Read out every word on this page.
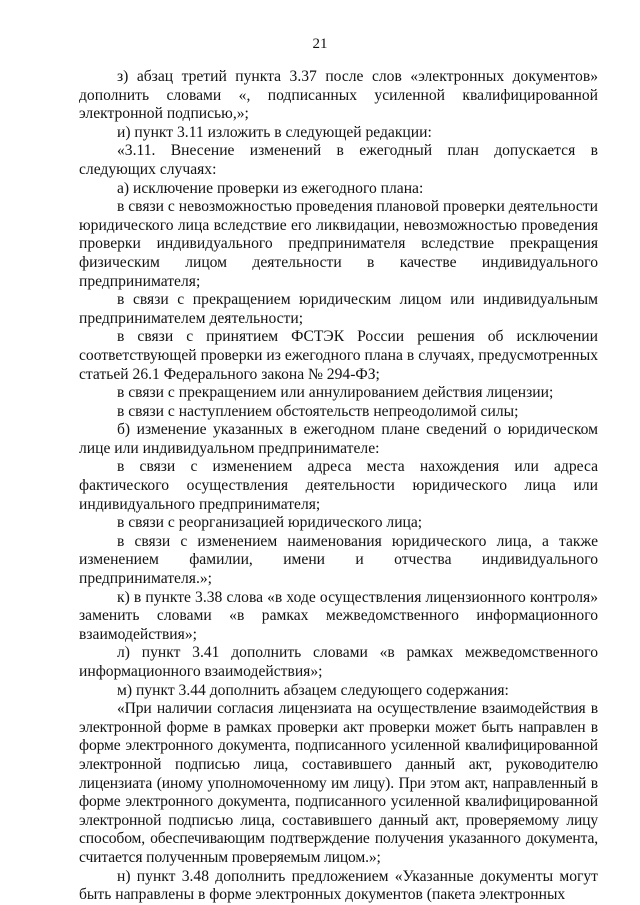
21

з) абзац третий пункта 3.37 после слов «электронных документов» дополнить словами «, подписанных усиленной квалифицированной электронной подписью,»;

и) пункт 3.11 изложить в следующей редакции:

«3.11. Внесение изменений в ежегодный план допускается в следующих случаях:

а) исключение проверки из ежегодного плана:

в связи с невозможностью проведения плановой проверки деятельности юридического лица вследствие его ликвидации, невозможностью проведения проверки индивидуального предпринимателя вследствие прекращения физическим лицом деятельности в качестве индивидуального предпринимателя;

в связи с прекращением юридическим лицом или индивидуальным предпринимателем деятельности;

в связи с принятием ФСТЭК России решения об исключении соответствующей проверки из ежегодного плана в случаях, предусмотренных статьей 26.1 Федерального закона № 294-ФЗ;

в связи с прекращением или аннулированием действия лицензии;

в связи с наступлением обстоятельств непреодолимой силы;

б) изменение указанных в ежегодном плане сведений о юридическом лице или индивидуальном предпринимателе:

в связи с изменением адреса места нахождения или адреса фактического осуществления деятельности юридического лица или индивидуального предпринимателя;

в связи с реорганизацией юридического лица;

в связи с изменением наименования юридического лица, а также изменением фамилии, имени и отчества индивидуального предпринимателя.»;

к) в пункте 3.38 слова «в ходе осуществления лицензионного контроля» заменить словами «в рамках межведомственного информационного взаимодействия»;

л) пункт 3.41 дополнить словами «в рамках межведомственного информационного взаимодействия»;

м) пункт 3.44 дополнить абзацем следующего содержания:

«При наличии согласия лицензиата на осуществление взаимодействия в электронной форме в рамках проверки акт проверки может быть направлен в форме электронного документа, подписанного усиленной квалифицированной электронной подписью лица, составившего данный акт, руководителю лицензиата (иному уполномоченному им лицу). При этом акт, направленный в форме электронного документа, подписанного усиленной квалифицированной электронной подписью лица, составившего данный акт, проверяемому лицу способом, обеспечивающим подтверждение получения указанного документа, считается полученным проверяемым лицом.»;

н) пункт 3.48 дополнить предложением «Указанные документы могут быть направлены в форме электронных документов (пакета электронных
